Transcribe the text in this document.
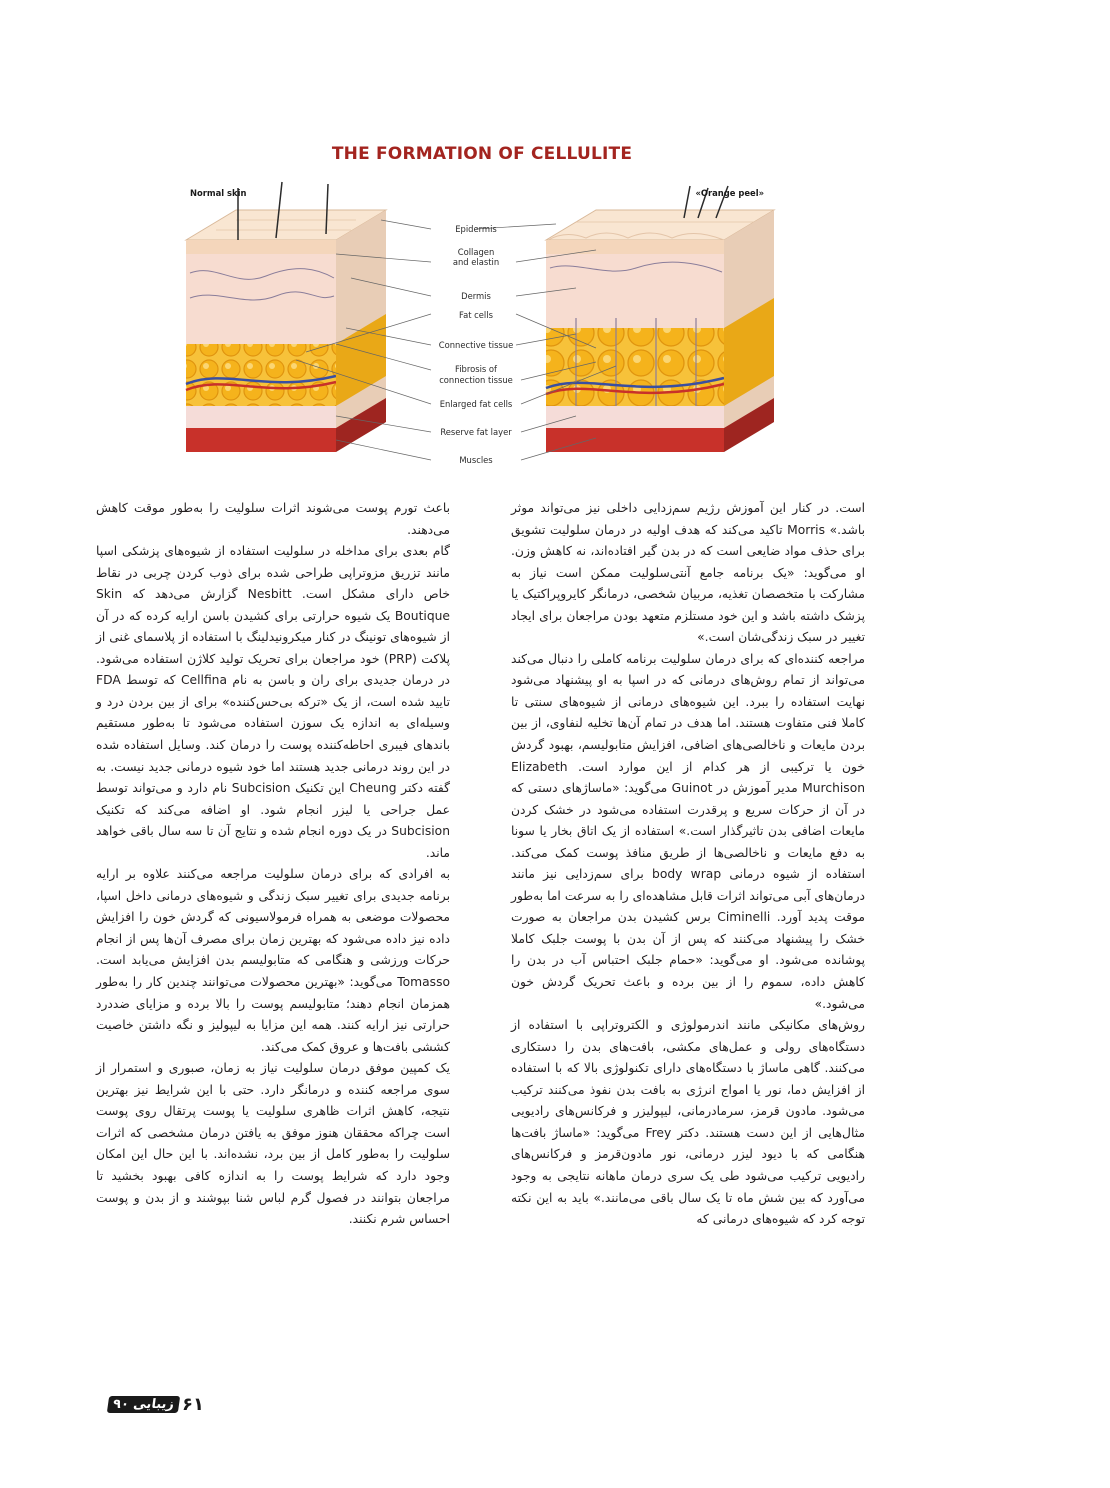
Normal skin	«Orange peel»
Epidermis
Collagen
and elastin
Dermis
Fat cells
Connective tissue
Fibrosis of
connection tissue
Enlarged fat cells
Reserve fat layer
Muscles
THE FORMATION OF CELLULITE

است. در کنار این آموزش رژیم سم‌زدایی داخلی نیز می‌تواند موثر باشد.» Morris تاکید می‌کند که هدف اولیه در درمان سلولیت تشویق برای حذف مواد ضایعی است که در بدن گیر افتاده‌اند، نه کاهش وزن. او می‌گوید: «یک برنامه جامع آنتی‌سلولیت ممکن است نیاز به مشارکت با متخصصان تغذیه، مربیان شخصی، درمانگر کایروپراکتیک یا پزشک داشته باشد و این خود مستلزم متعهد بودن مراجعان برای ایجاد تغییر در سبک زندگی‌شان است.»

مراجعه کننده‌ای که برای درمان سلولیت برنامه کاملی را دنبال می‌کند می‌تواند از تمام روش‌های درمانی که در اسپا به او پیشنهاد می‌شود نهایت استفاده را ببرد. این شیوه‌های درمانی از شیوه‌های سنتی تا کاملا فنی متفاوت هستند. اما هدف در تمام آن‌ها تخلیه لنفاوی، از بین بردن مایعات و ناخالصی‌های اضافی، افزایش متابولیسم، بهبود گردش خون یا ترکیبی از هر کدام از این موارد است. Elizabeth Murchison مدیر آموزش در Guinot می‌گوید: «ماساژهای دستی که در آن از حرکات سریع و پرقدرت استفاده می‌شود در خشک کردن مایعات اضافی بدن تاثیرگذار است.» استفاده از یک اتاق بخار یا سونا به دفع مایعات و ناخالصی‌ها از طریق منافذ پوست کمک می‌کند. استفاده از شیوه درمانی body wrap برای سم‌زدایی نیز مانند درمان‌های آبی می‌تواند اثرات قابل مشاهده‌ای را به سرعت اما به‌طور موقت پدید آورد. Ciminelli برس کشیدن بدن مراجعان به صورت خشک را پیشنهاد می‌کنند که پس از آن بدن با پوست جلبک کاملا پوشانده می‌شود. او می‌گوید: «حمام جلبک احتباس آب در بدن را کاهش داده، سموم را از بین برده و باعث تحریک گردش خون می‌شود.»

روش‌های مکانیکی مانند اندرمولوژی و الکتروتراپی با استفاده از دستگاه‌های رولی و عمل‌های مکشی، بافت‌های بدن را دستکاری می‌کنند. گاهی ماساژ با دستگاه‌های دارای تکنولوژی بالا که با استفاده از افزایش دما، نور یا امواج انرژی به بافت بدن نفوذ می‌کنند ترکیب می‌شود. مادون قرمز، سرمادرمانی، لیپولیزر و فرکانس‌های رادیویی مثال‌هایی از این دست هستند. دکتر Frey می‌گوید: «ماساژ بافت‌ها هنگامی که با دیود لیزر درمانی، نور مادون‌قرمز و فرکانس‌های رادیویی ترکیب می‌شود طی یک سری درمان ماهانه نتایجی به وجود می‌آورد که بین شش ماه تا یک سال باقی می‌مانند.» باید به این نکته توجه کرد که شیوه‌های درمانی که

باعث تورم پوست می‌شوند اثرات سلولیت را به‌طور موقت کاهش می‌دهند.

گام بعدی برای مداخله در سلولیت استفاده از شیوه‌های پزشکی اسپا مانند تزریق مزوتراپی طراحی شده برای ذوب کردن چربی در نقاط خاص دارای مشکل است. Nesbitt گزارش می‌دهد که Skin Boutique یک شیوه حرارتی برای کشیدن باسن ارایه کرده که در آن از شیوه‌های تونینگ در کنار میکرونیدلینگ با استفاده از پلاسمای غنی از پلاکت (PRP) خود مراجعان برای تحریک تولید کلاژن استفاده می‌شود. در درمان جدیدی برای ران و باسن به نام Cellfina که توسط FDA تایید شده است، از یک «ترکه بی‌حس‌کننده» برای از بین بردن درد و وسیله‌ای به اندازه یک سوزن استفاده می‌شود تا به‌طور مستقیم باندهای فیبری احاطه‌کننده پوست را درمان کند. وسایل استفاده شده در این روند درمانی جدید هستند اما خود شیوه درمانی جدید نیست. به گفته دکتر Cheung این تکنیک Subcision نام دارد و می‌تواند توسط عمل جراحی یا لیزر انجام شود. او اضافه می‌کند که تکنیک Subcision در یک دوره انجام شده و نتایج آن تا سه سال باقی خواهد ماند.

به افرادی که برای درمان سلولیت مراجعه می‌کنند علاوه بر ارایه برنامه جدیدی برای تغییر سبک زندگی و شیوه‌های درمانی داخل اسپا، محصولات موضعی به همراه فرمولاسیونی که گردش خون را افزایش داده نیز داده می‌شود که بهترین زمان برای مصرف آن‌ها پس از انجام حرکات ورزشی و هنگامی که متابولیسم بدن افزایش می‌یابد است. Tomasso می‌گوید: «بهترین محصولات می‌توانند چندین کار را به‌طور همزمان انجام دهند؛ متابولیسم پوست را بالا برده و مزایای ضددرد حرارتی نیز ارایه کنند. همه این مزایا به لیپولیز و نگه داشتن خاصیت کششی بافت‌ها و عروق کمک می‌کند.

یک کمپین موفق درمان سلولیت نیاز به زمان، صبوری و استمرار از سوی مراجعه کننده و درمانگر دارد. حتی با این شرایط نیز بهترین نتیجه، کاهش اثرات ظاهری سلولیت یا پوست پرتقال روی پوست است چراکه محققان هنوز موفق به یافتن درمان مشخصی که اثرات سلولیت را به‌طور کامل از بین برد، نشده‌اند. با این حال این امکان وجود دارد که شرایط پوست را به اندازه کافی بهبود بخشید تا مراجعان بتوانند در فصول گرم لباس شنا بپوشند و از بدن و پوست احساس شرم نکنند.

زیبایی ۹۰ ۶۱
